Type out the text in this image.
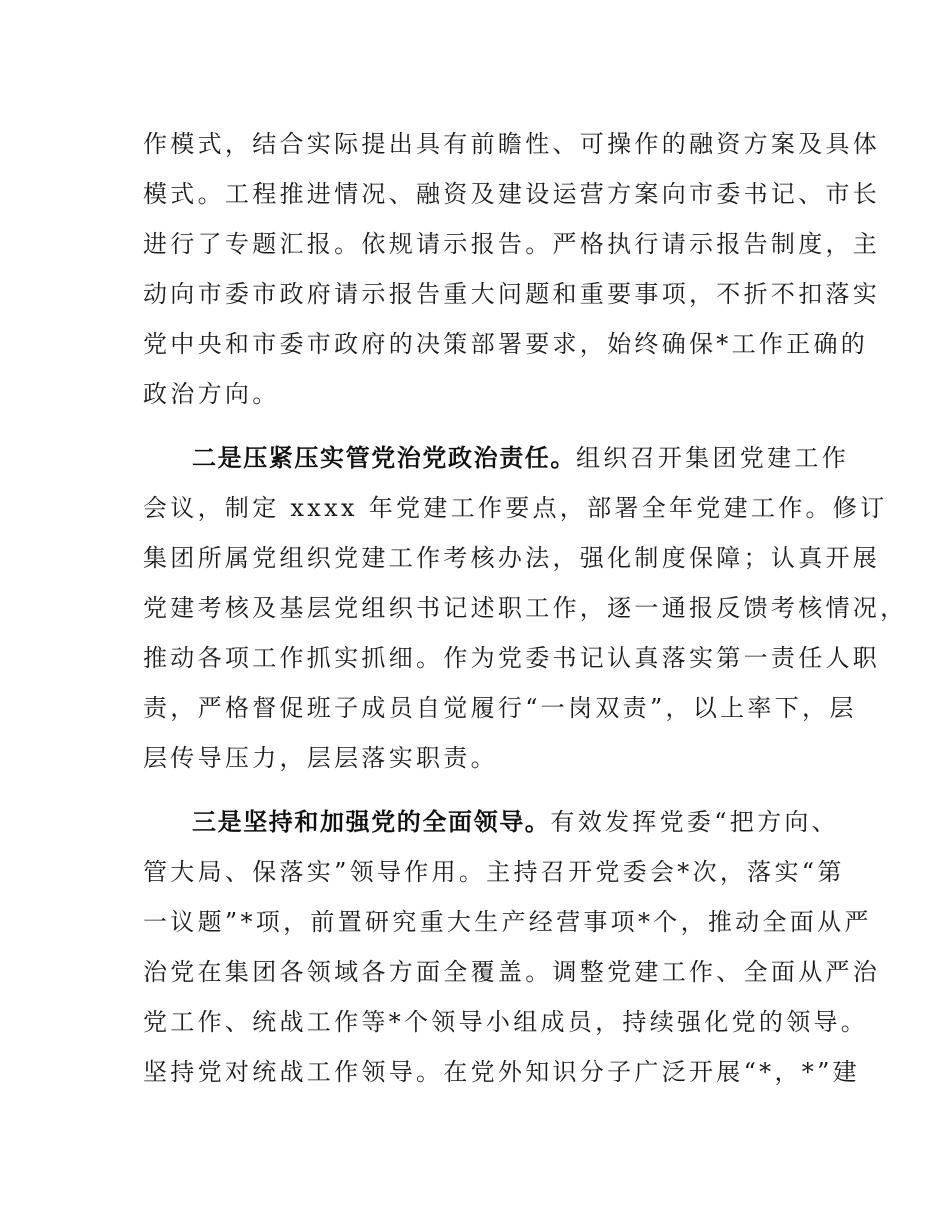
作模式，结合实际提出具有前瞻性、可操作的融资方案及具体
模式。工程推进情况、融资及建设运营方案向市委书记、市长
进行了专题汇报。依规请示报告。严格执行请示报告制度，主
动向市委市政府请示报告重大问题和重要事项，不折不扣落实
党中央和市委市政府的决策部署要求，始终确保*工作正确的
政治方向。
二是压紧压实管党治党政治责任。组织召开集团党建工作
会议，制定 xxxx 年党建工作要点，部署全年党建工作。修订
集团所属党组织党建工作考核办法，强化制度保障；认真开展
党建考核及基层党组织书记述职工作，逐一通报反馈考核情况，
推动各项工作抓实抓细。作为党委书记认真落实第一责任人职
责，严格督促班子成员自觉履行“一岗双责”，以上率下，层
层传导压力，层层落实职责。
三是坚持和加强党的全面领导。有效发挥党委“把方向、
管大局、保落实”领导作用。主持召开党委会*次，落实“第
一议题”*项，前置研究重大生产经营事项*个，推动全面从严
治党在集团各领域各方面全覆盖。调整党建工作、全面从严治
党工作、统战工作等*个领导小组成员，持续强化党的领导。
坚持党对统战工作领导。在党外知识分子广泛开展“*，*”建
